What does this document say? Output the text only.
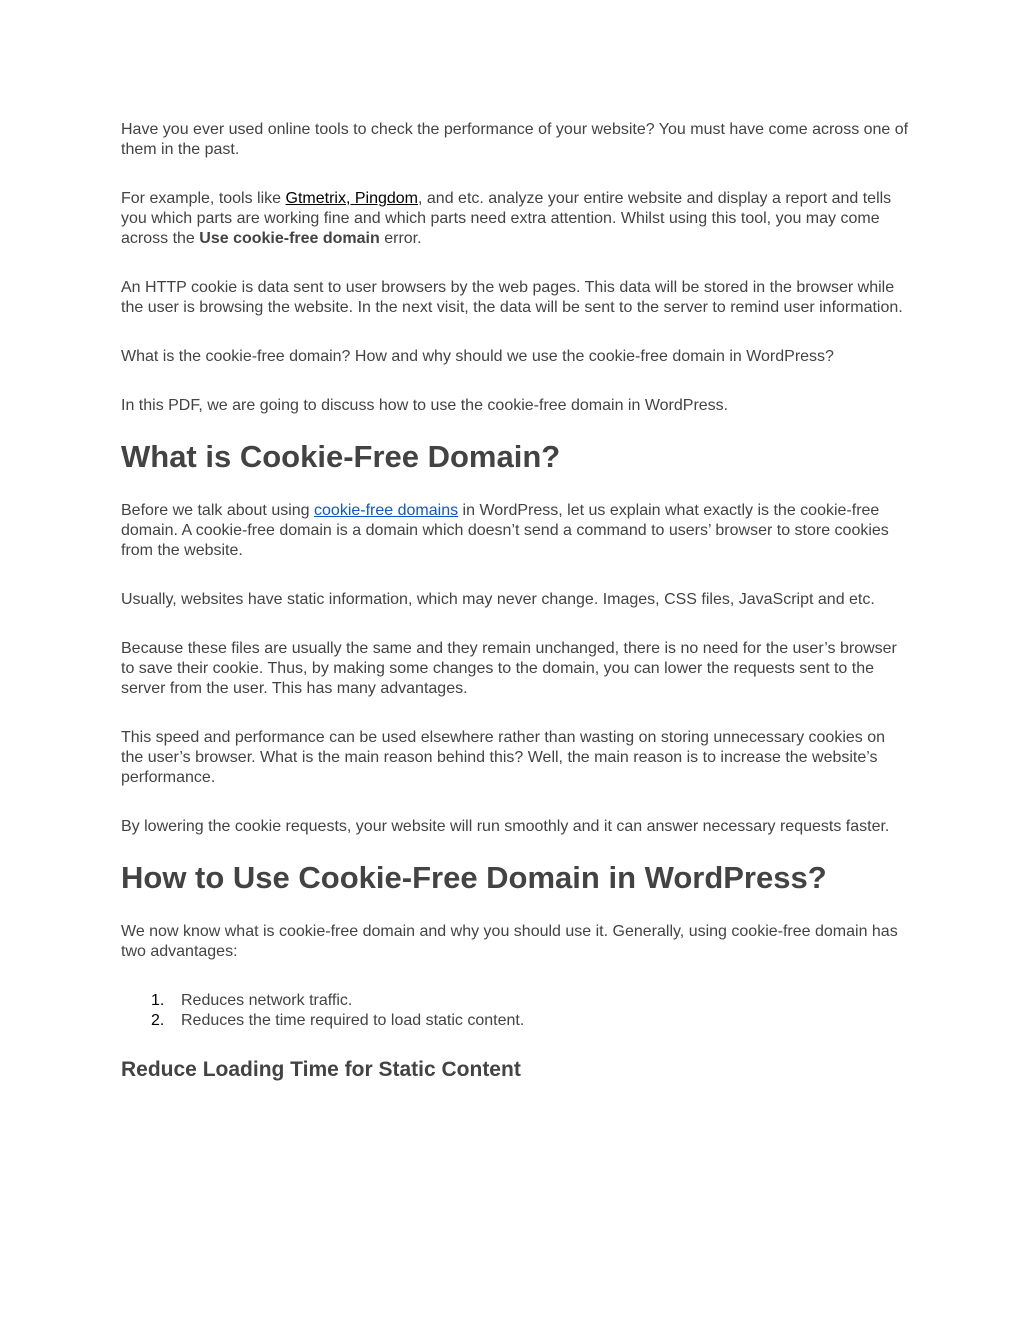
Have you ever used online tools to check the performance of your website? You must have come across one of them in the past.

For example, tools like Gtmetrix, Pingdom, and etc. analyze your entire website and display a report and tells you which parts are working fine and which parts need extra attention. Whilst using this tool, you may come across the Use cookie-free domain error.

An HTTP cookie is data sent to user browsers by the web pages. This data will be stored in the browser while the user is browsing the website. In the next visit, the data will be sent to the server to remind user information.

What is the cookie-free domain? How and why should we use the cookie-free domain in WordPress?

In this PDF, we are going to discuss how to use the cookie-free domain in WordPress.

What is Cookie-Free Domain?

Before we talk about using cookie-free domains in WordPress, let us explain what exactly is the cookie-free domain. A cookie-free domain is a domain which doesn’t send a command to users’ browser to store cookies from the website.

Usually, websites have static information, which may never change. Images, CSS files, JavaScript and etc.

Because these files are usually the same and they remain unchanged, there is no need for the user’s browser to save their cookie. Thus, by making some changes to the domain, you can lower the requests sent to the server from the user. This has many advantages.

This speed and performance can be used elsewhere rather than wasting on storing unnecessary cookies on the user’s browser. What is the main reason behind this? Well, the main reason is to increase the website’s performance.

By lowering the cookie requests, your website will run smoothly and it can answer necessary requests faster.

How to Use Cookie-Free Domain in WordPress?

We now know what is cookie-free domain and why you should use it. Generally, using cookie-free domain has two advantages:

1. Reduces network traffic.
2. Reduces the time required to load static content.
Reduce Loading Time for Static Content
